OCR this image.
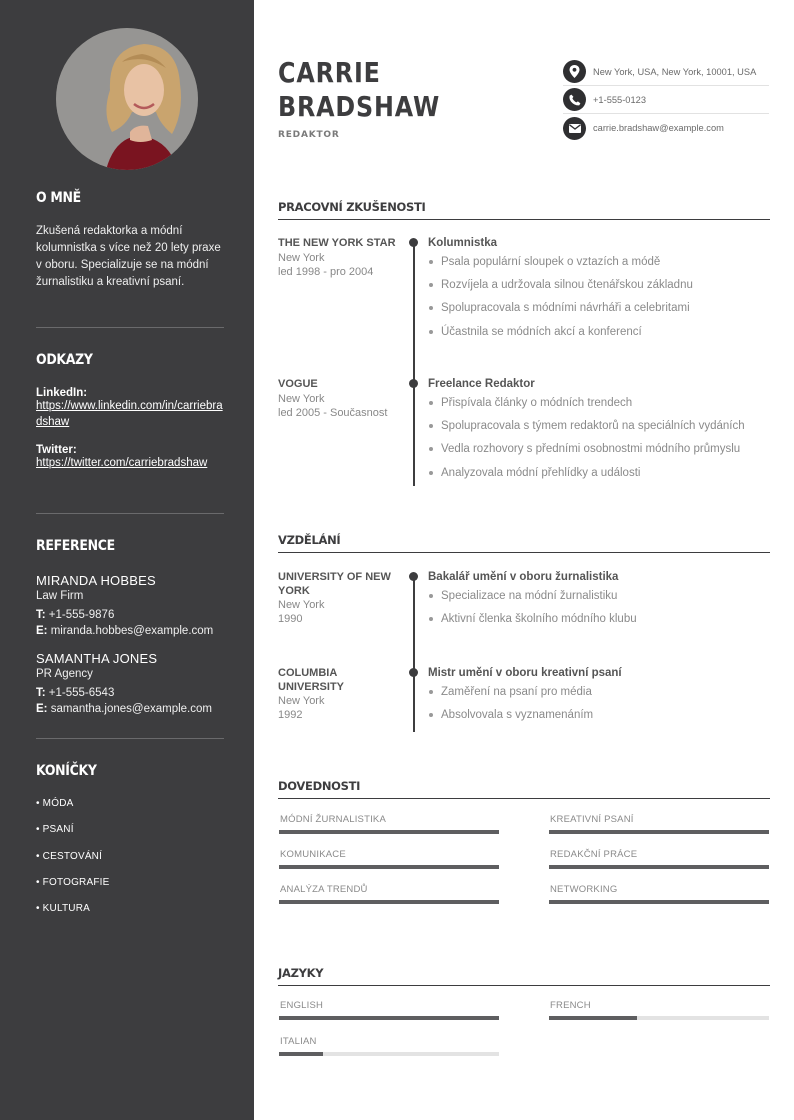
O MNĚ
Zkušená redaktorka a módní kolumnistka s více než 20 lety praxe v oboru. Specializuje se na módní žurnalistiku a kreativní psaní.
ODKAZY
LinkedIn:
https://www.linkedin.com/in/carriebradshaw
Twitter:
https://twitter.com/carriebradshaw
REFERENCE
MIRANDA HOBBES
Law Firm
T: +1-555-9876
E: miranda.hobbes@example.com
SAMANTHA JONES
PR Agency
T: +1-555-6543
E: samantha.jones@example.com
KONÍČKY
• MÓDA
• PSANÍ
• CESTOVÁNÍ
• FOTOGRAFIE
• KULTURA
CARRIE
BRADSHAW
REDAKTOR
New York, USA, New York, 10001, USA
+1-555-0123
carrie.bradshaw@example.com
PRACOVNÍ ZKUŠENOSTI
THE NEW YORK STAR
New York
led 1998 - pro 2004
Kolumnistka
Psala populární sloupek o vztazích a módě
Rozvíjela a udržovala silnou čtenářskou základnu
Spolupracovala s módními návrháři a celebritami
Účastnila se módních akcí a konferencí
VOGUE
New York
led 2005 - Současnost
Freelance Redaktor
Přispívala články o módních trendech
Spolupracovala s týmem redaktorů na speciálních vydáních
Vedla rozhovory s předními osobnostmi módního průmyslu
Analyzovala módní přehlídky a události
VZDĚLÁNÍ
UNIVERSITY OF NEW YORK
New York
1990
Bakalář umění v oboru žurnalistika
Specializace na módní žurnalistiku
Aktivní členka školního módního klubu
COLUMBIA UNIVERSITY
New York
1992
Mistr umění v oboru kreativní psaní
Zaměření na psaní pro média
Absolvovala s vyznamenáním
DOVEDNOSTI
MÓDNÍ ŽURNALISTIKA	KREATIVNÍ PSANÍ
KOMUNIKACE	REDAKČNÍ PRÁCE
ANALÝZA TRENDŮ	NETWORKING
JAZYKY
ENGLISH	FRENCH
ITALIAN
